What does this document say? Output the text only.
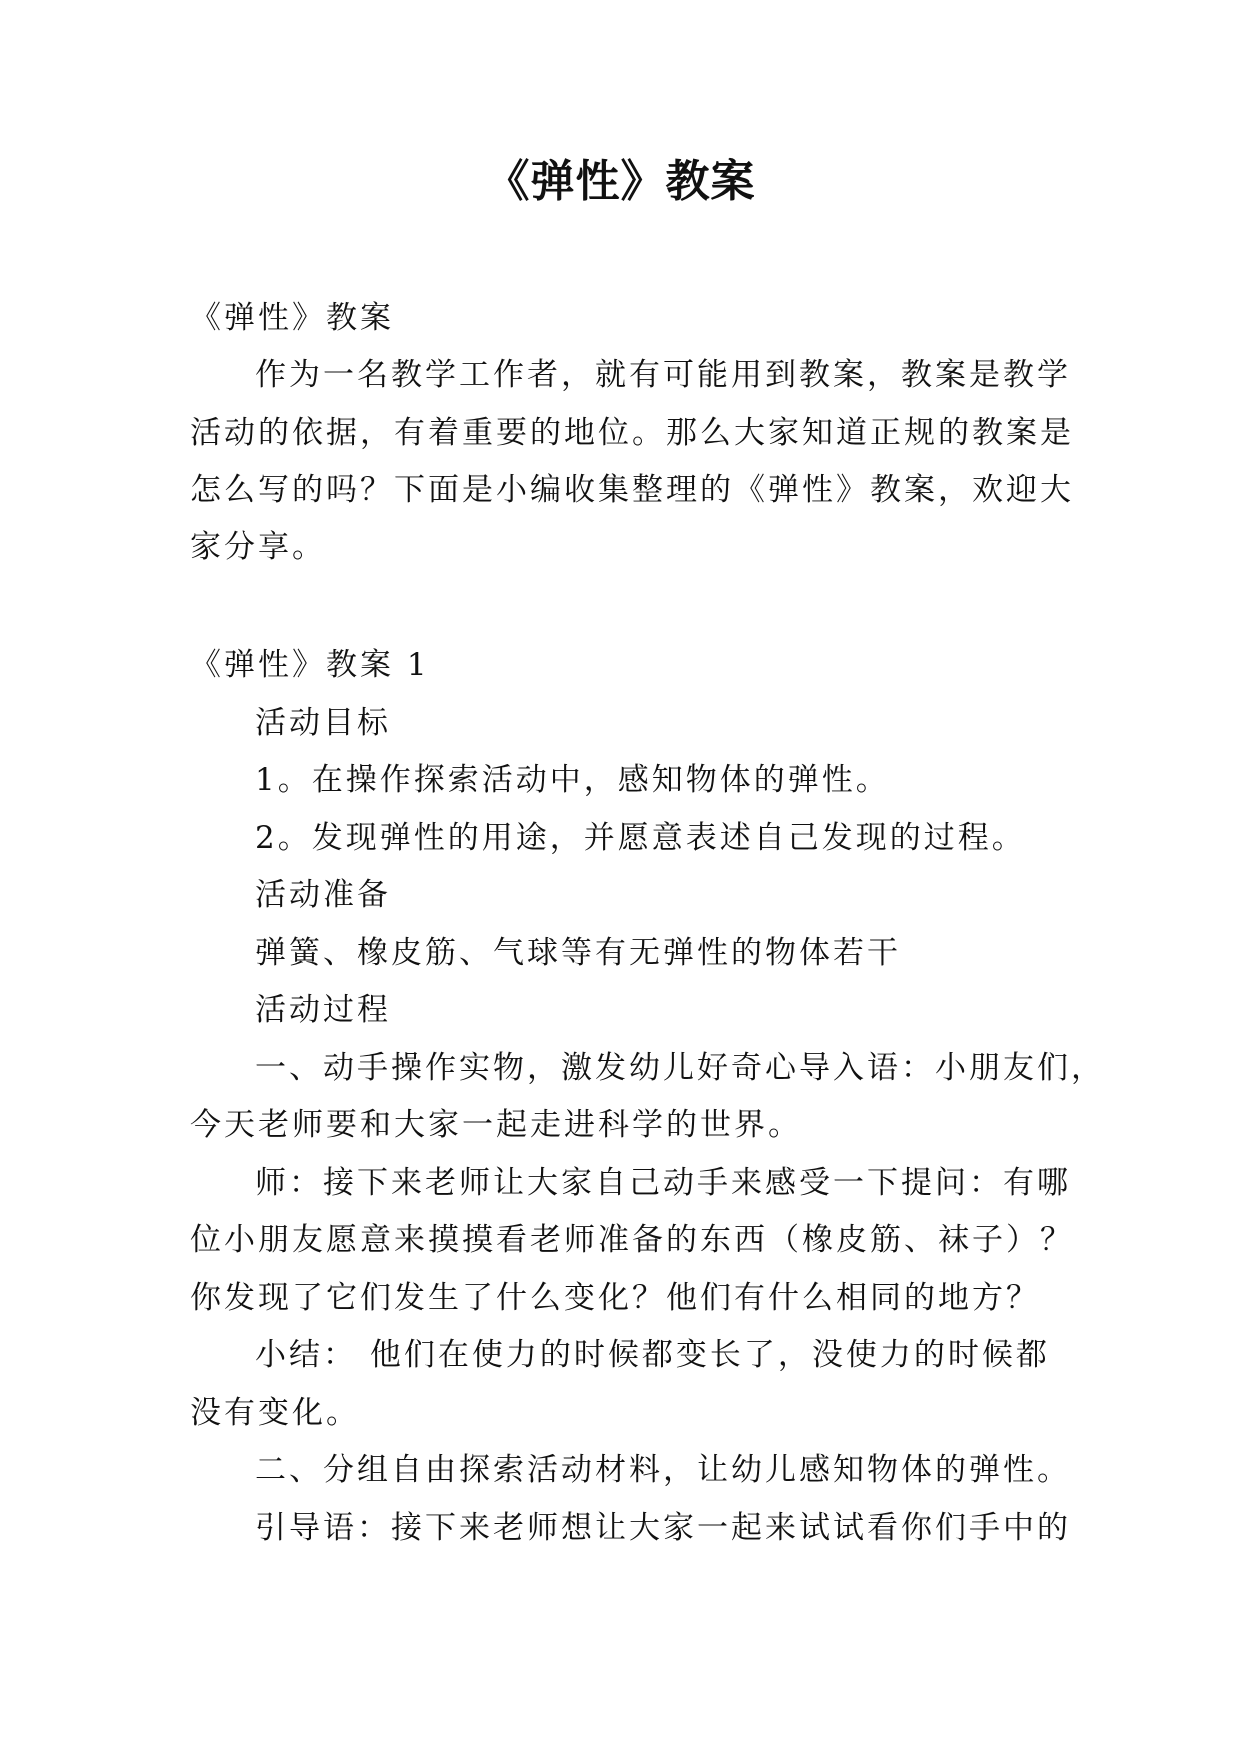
《弹性》教案
《弹性》教案
作为一名教学工作者，就有可能用到教案，教案是教学
活动的依据，有着重要的地位。那么大家知道正规的教案是
怎么写的吗？下面是小编收集整理的《弹性》教案，欢迎大
家分享。
《弹性》教案 1
活动目标
1。在操作探索活动中，感知物体的弹性。
2。发现弹性的用途，并愿意表述自己发现的过程。
活动准备
弹簧、橡皮筋、气球等有无弹性的物体若干
活动过程
一、动手操作实物，激发幼儿好奇心导入语：小朋友们，
今天老师要和大家一起走进科学的世界。
师：接下来老师让大家自己动手来感受一下提问：有哪
位小朋友愿意来摸摸看老师准备的东西（橡皮筋、袜子）？
你发现了它们发生了什么变化？他们有什么相同的地方？
小结： 他们在使力的时候都变长了，没使力的时候都
没有变化。
二、分组自由探索活动材料，让幼儿感知物体的弹性。
引导语：接下来老师想让大家一起来试试看你们手中的
